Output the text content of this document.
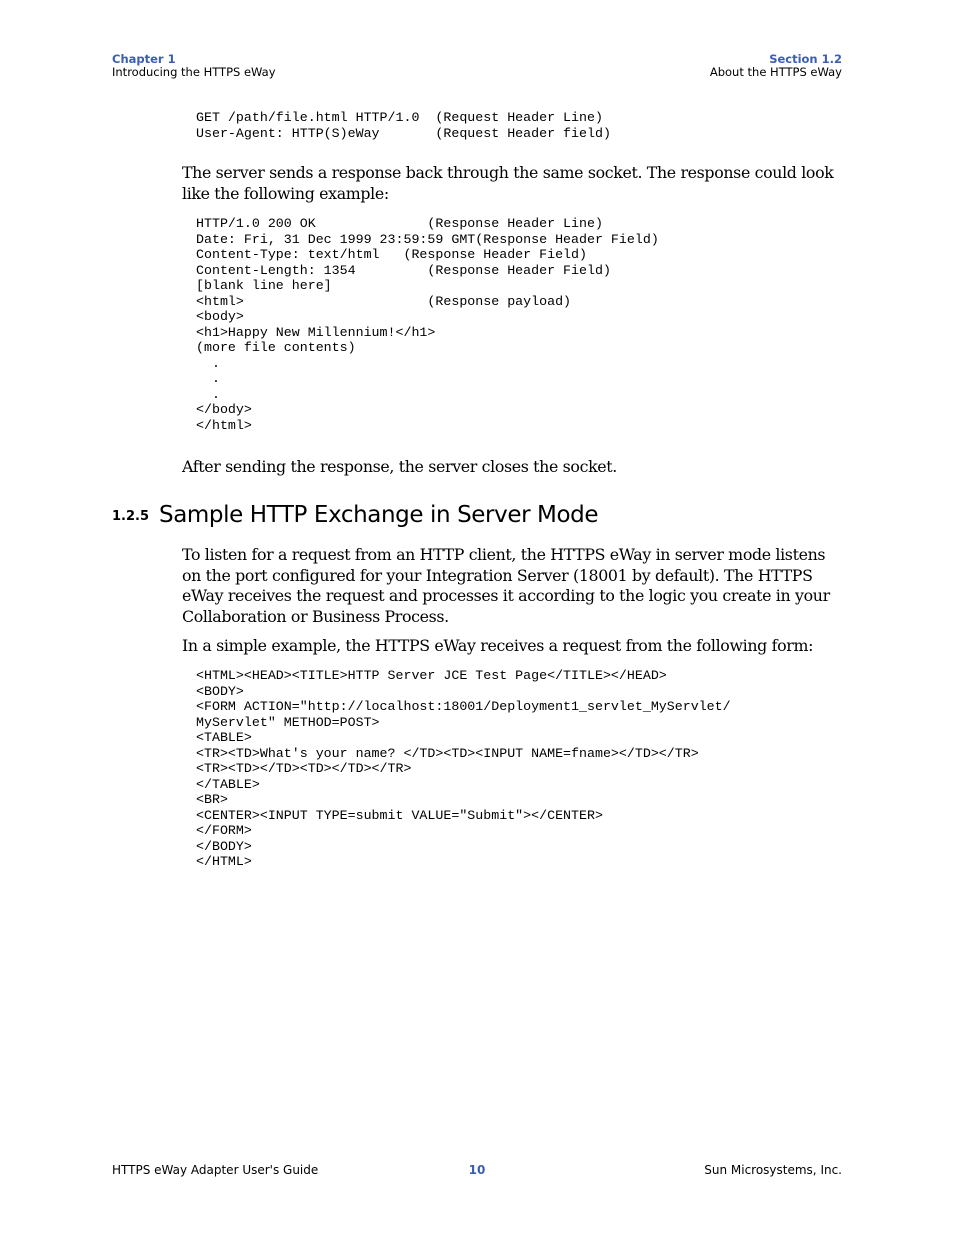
Chapter 1
Introducing the HTTPS eWay
Section 1.2
About the HTTPS eWay
GET /path/file.html HTTP/1.0  (Request Header Line)
User-Agent: HTTP(S)eWay       (Request Header field)

The server sends a response back through the same socket. The response could look like the following example:

HTTP/1.0 200 OK              (Response Header Line)
Date: Fri, 31 Dec 1999 23:59:59 GMT(Response Header Field)
Content-Type: text/html   (Response Header Field)
Content-Length: 1354         (Response Header Field)
[blank line here]
<html>                       (Response payload)
<body>
<h1>Happy New Millennium!</h1>
(more file contents)
.
.
.
</body>
</html>

After sending the response, the server closes the socket.

1.2.5 Sample HTTP Exchange in Server Mode

To listen for a request from an HTTP client, the HTTPS eWay in server mode listens on the port configured for your Integration Server (18001 by default). The HTTPS eWay receives the request and processes it according to the logic you create in your Collaboration or Business Process.

In a simple example, the HTTPS eWay receives a request from the following form:

<HTML><HEAD><TITLE>HTTP Server JCE Test Page</TITLE></HEAD>
<BODY>
<FORM ACTION="http://localhost:18001/Deployment1_servlet_MyServlet/
MyServlet" METHOD=POST>
<TABLE>
<TR><TD>What's your name? </TD><TD><INPUT NAME=fname></TD></TR>
<TR><TD></TD><TD></TD></TR>
</TABLE>
<BR>
<CENTER><INPUT TYPE=submit VALUE="Submit"></CENTER>
</FORM>
</BODY>
</HTML>
HTTPS eWay Adapter User's Guide	10	Sun Microsystems, Inc.
